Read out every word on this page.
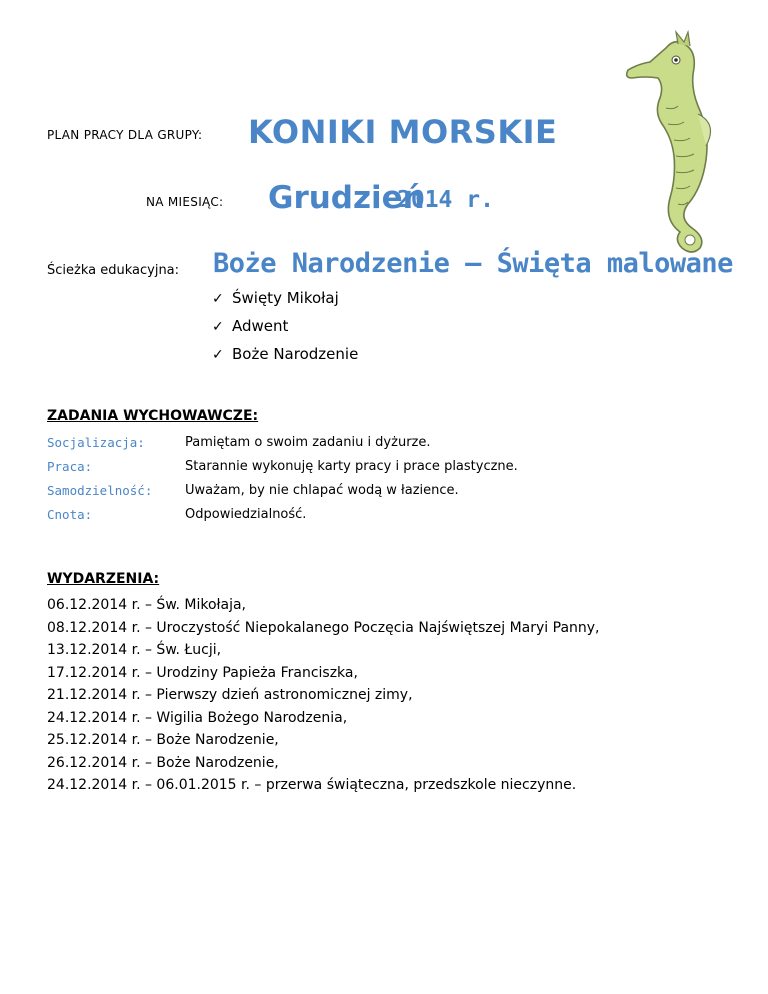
PLAN PRACY DLA GRUPY: KONIKI MORSKIE
NA MIESIĄC: Grudzień
2014 r.
Ścieżka edukacyjna: Boże Narodzenie – Święta malowane
✓ Święty Mikołaj
✓ Adwent
✓ Boże Narodzenie
ZADANIA WYCHOWAWCZE:
Socjalizacja:	Pamiętam o swoim zadaniu i dyżurze.
Praca:	Starannie wykonuję karty pracy i prace plastyczne.
Samodzielność:	Uważam, by nie chlapać wodą w łazience.
Cnota:	Odpowiedzialność.
WYDARZENIA:
06.12.2014 r. – Św. Mikołaja,
08.12.2014 r. – Uroczystość Niepokalanego Poczęcia Najświętszej Maryi Panny,
13.12.2014 r. – Św. Łucji,
17.12.2014 r. – Urodziny Papieża Franciszka,
21.12.2014 r. – Pierwszy dzień astronomicznej zimy,
24.12.2014 r. – Wigilia Bożego Narodzenia,
25.12.2014 r. – Boże Narodzenie,
26.12.2014 r. – Boże Narodzenie,
24.12.2014 r. – 06.01.2015 r. – przerwa świąteczna, przedszkole nieczynne.
